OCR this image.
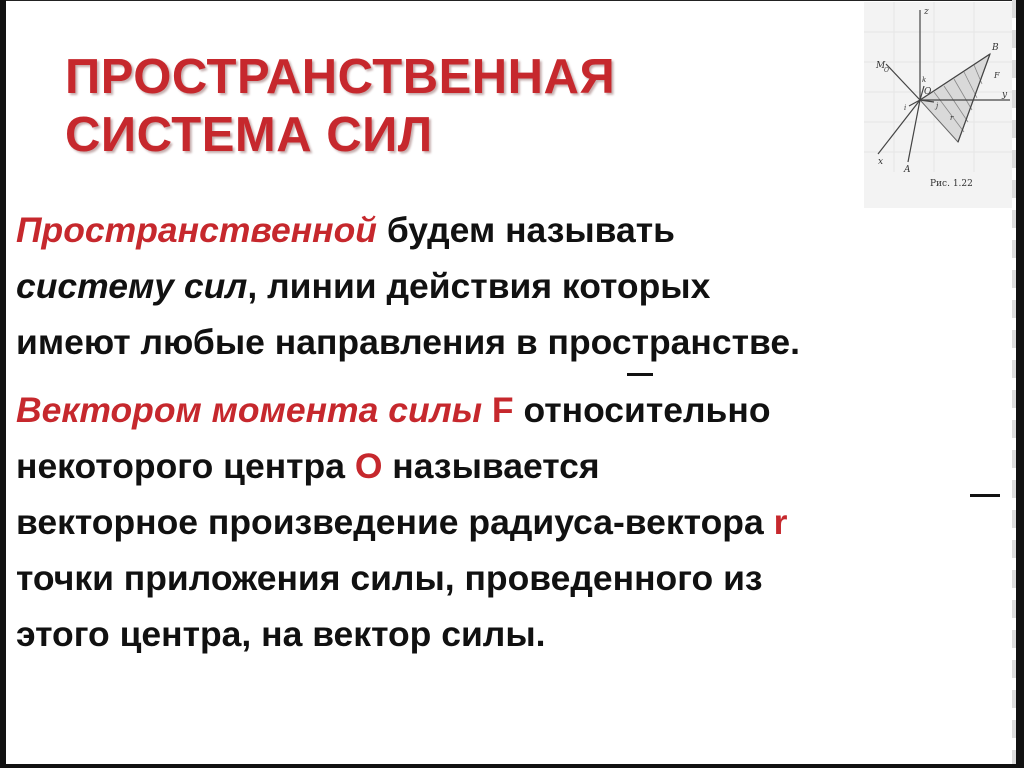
ПРОСТРАНСТВЕННАЯ
СИСТЕМА СИЛ
z
y
x
O
A
B
M
O
k
i	j
r
F
Рис. 1.22
Пространственной будем называть
систему сил, линии действия которых
имеют любые направления в пространстве.
Вектором момента силы F относительно
некоторого центра О называется
векторное произведение радиуса-вектора r
точки приложения силы, проведенного из
этого центра, на вектор силы.
